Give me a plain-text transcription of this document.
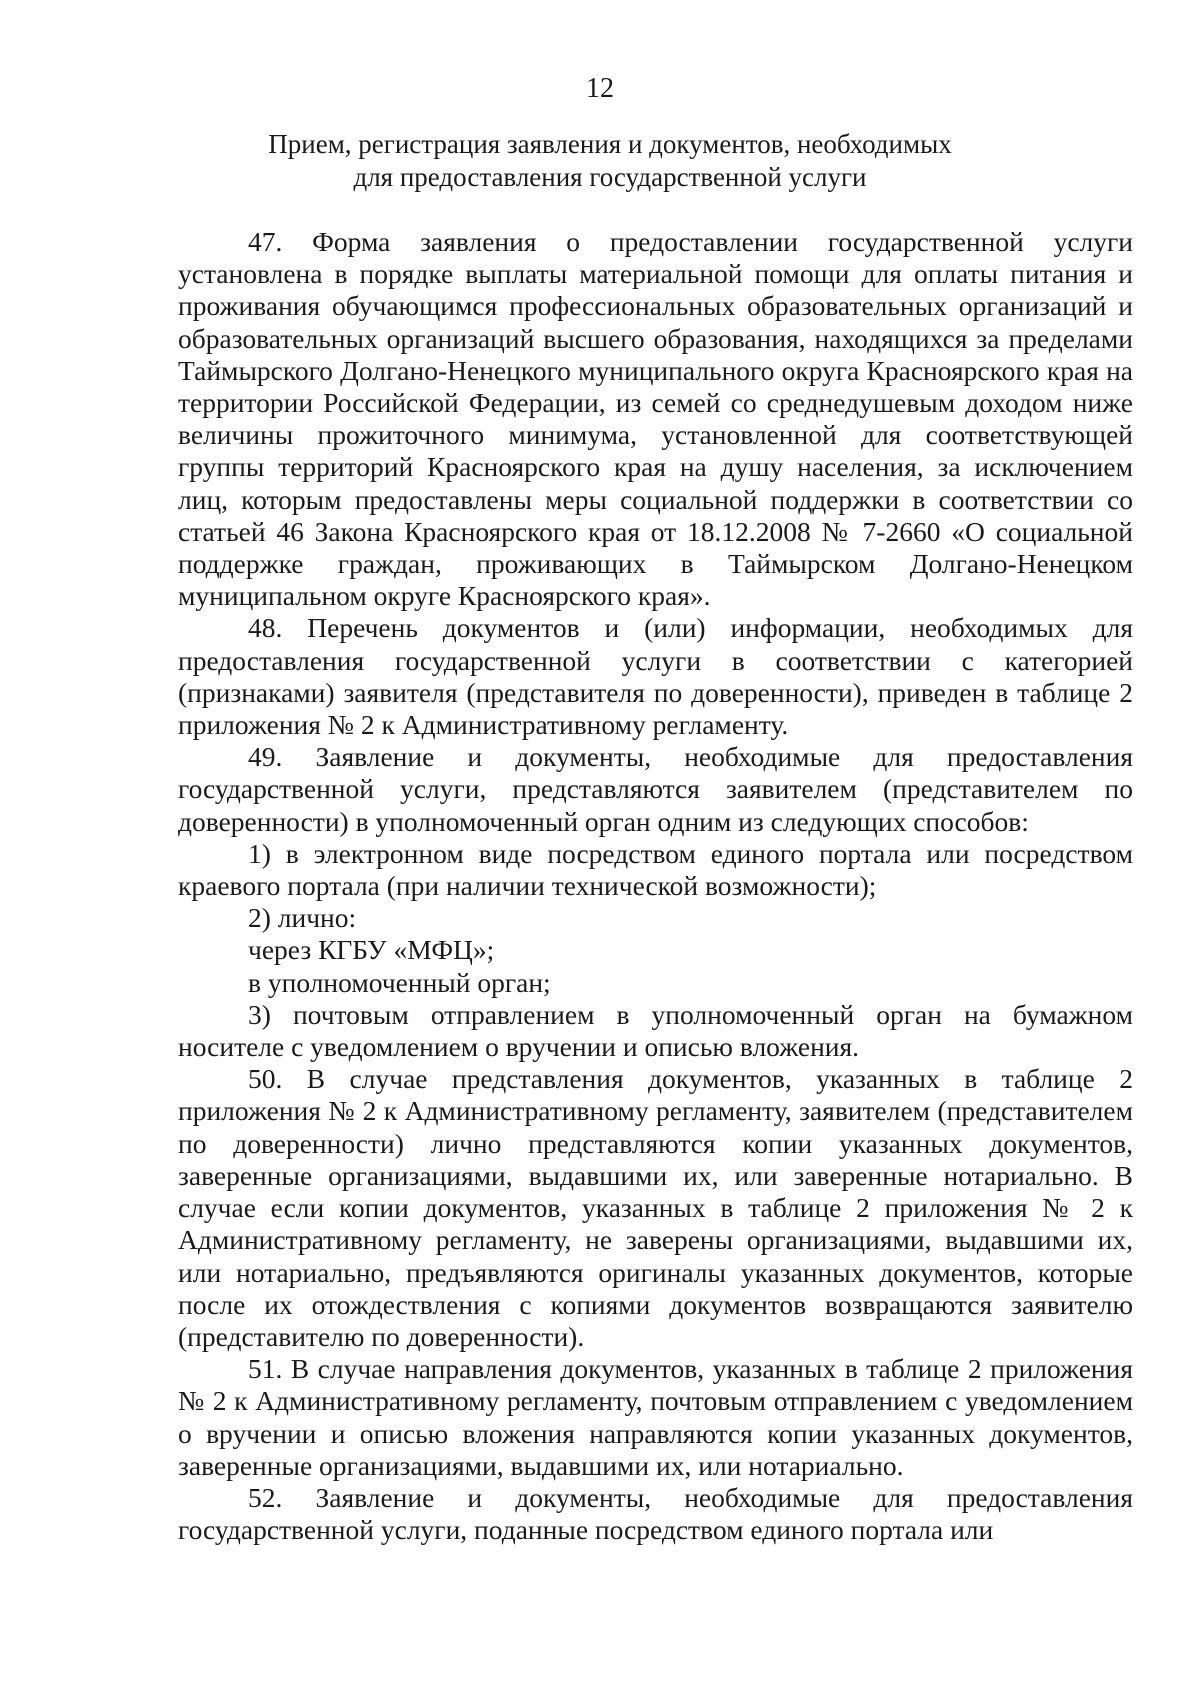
12
Прием, регистрация заявления и документов, необходимых
для предоставления государственной услуги

47. Форма заявления о предоставлении государственной услуги установлена в порядке выплаты материальной помощи для оплаты питания и проживания обучающимся профессиональных образовательных организаций и образовательных организаций высшего образования, находящихся за пределами Таймырского Долгано-Ненецкого муниципального округа Красноярского края на территории Российской Федерации, из семей со среднедушевым доходом ниже величины прожиточного минимума, установленной для соответствующей группы территорий Красноярского края на душу населения, за исключением лиц, которым предоставлены меры социальной поддержки в соответствии со статьей 46 Закона Красноярского края от 18.12.2008 № 7-2660 «О социальной поддержке граждан, проживающих в Таймырском Долгано-Ненецком муниципальном округе Красноярского края».

48. Перечень документов и (или) информации, необходимых для предоставления государственной услуги в соответствии с категорией (признаками) заявителя (представителя по доверенности), приведен в таблице 2 приложения № 2 к Административному регламенту.

49. Заявление и документы, необходимые для предоставления государственной услуги, представляются заявителем (представителем по доверенности) в уполномоченный орган одним из следующих способов:

1) в электронном виде посредством единого портала или посредством краевого портала (при наличии технической возможности);

2) лично:

через КГБУ «МФЦ»;

в уполномоченный орган;

3) почтовым отправлением в уполномоченный орган на бумажном носителе с уведомлением о вручении и описью вложения.

50. В случае представления документов, указанных в таблице 2 приложения № 2 к Административному регламенту, заявителем (представителем по доверенности) лично представляются копии указанных документов, заверенные организациями, выдавшими их, или заверенные нотариально. В случае если копии документов, указанных в таблице 2 приложения № 2 к Административному регламенту, не заверены организациями, выдавшими их, или нотариально, предъявляются оригиналы указанных документов, которые после их отождествления с копиями документов возвращаются заявителю (представителю по доверенности).

51. В случае направления документов, указанных в таблице 2 приложения № 2 к Административному регламенту, почтовым отправлением с уведомлением о вручении и описью вложения направляются копии указанных документов, заверенные организациями, выдавшими их, или нотариально.

52. Заявление и документы, необходимые для предоставления государственной услуги, поданные посредством единого портала или
